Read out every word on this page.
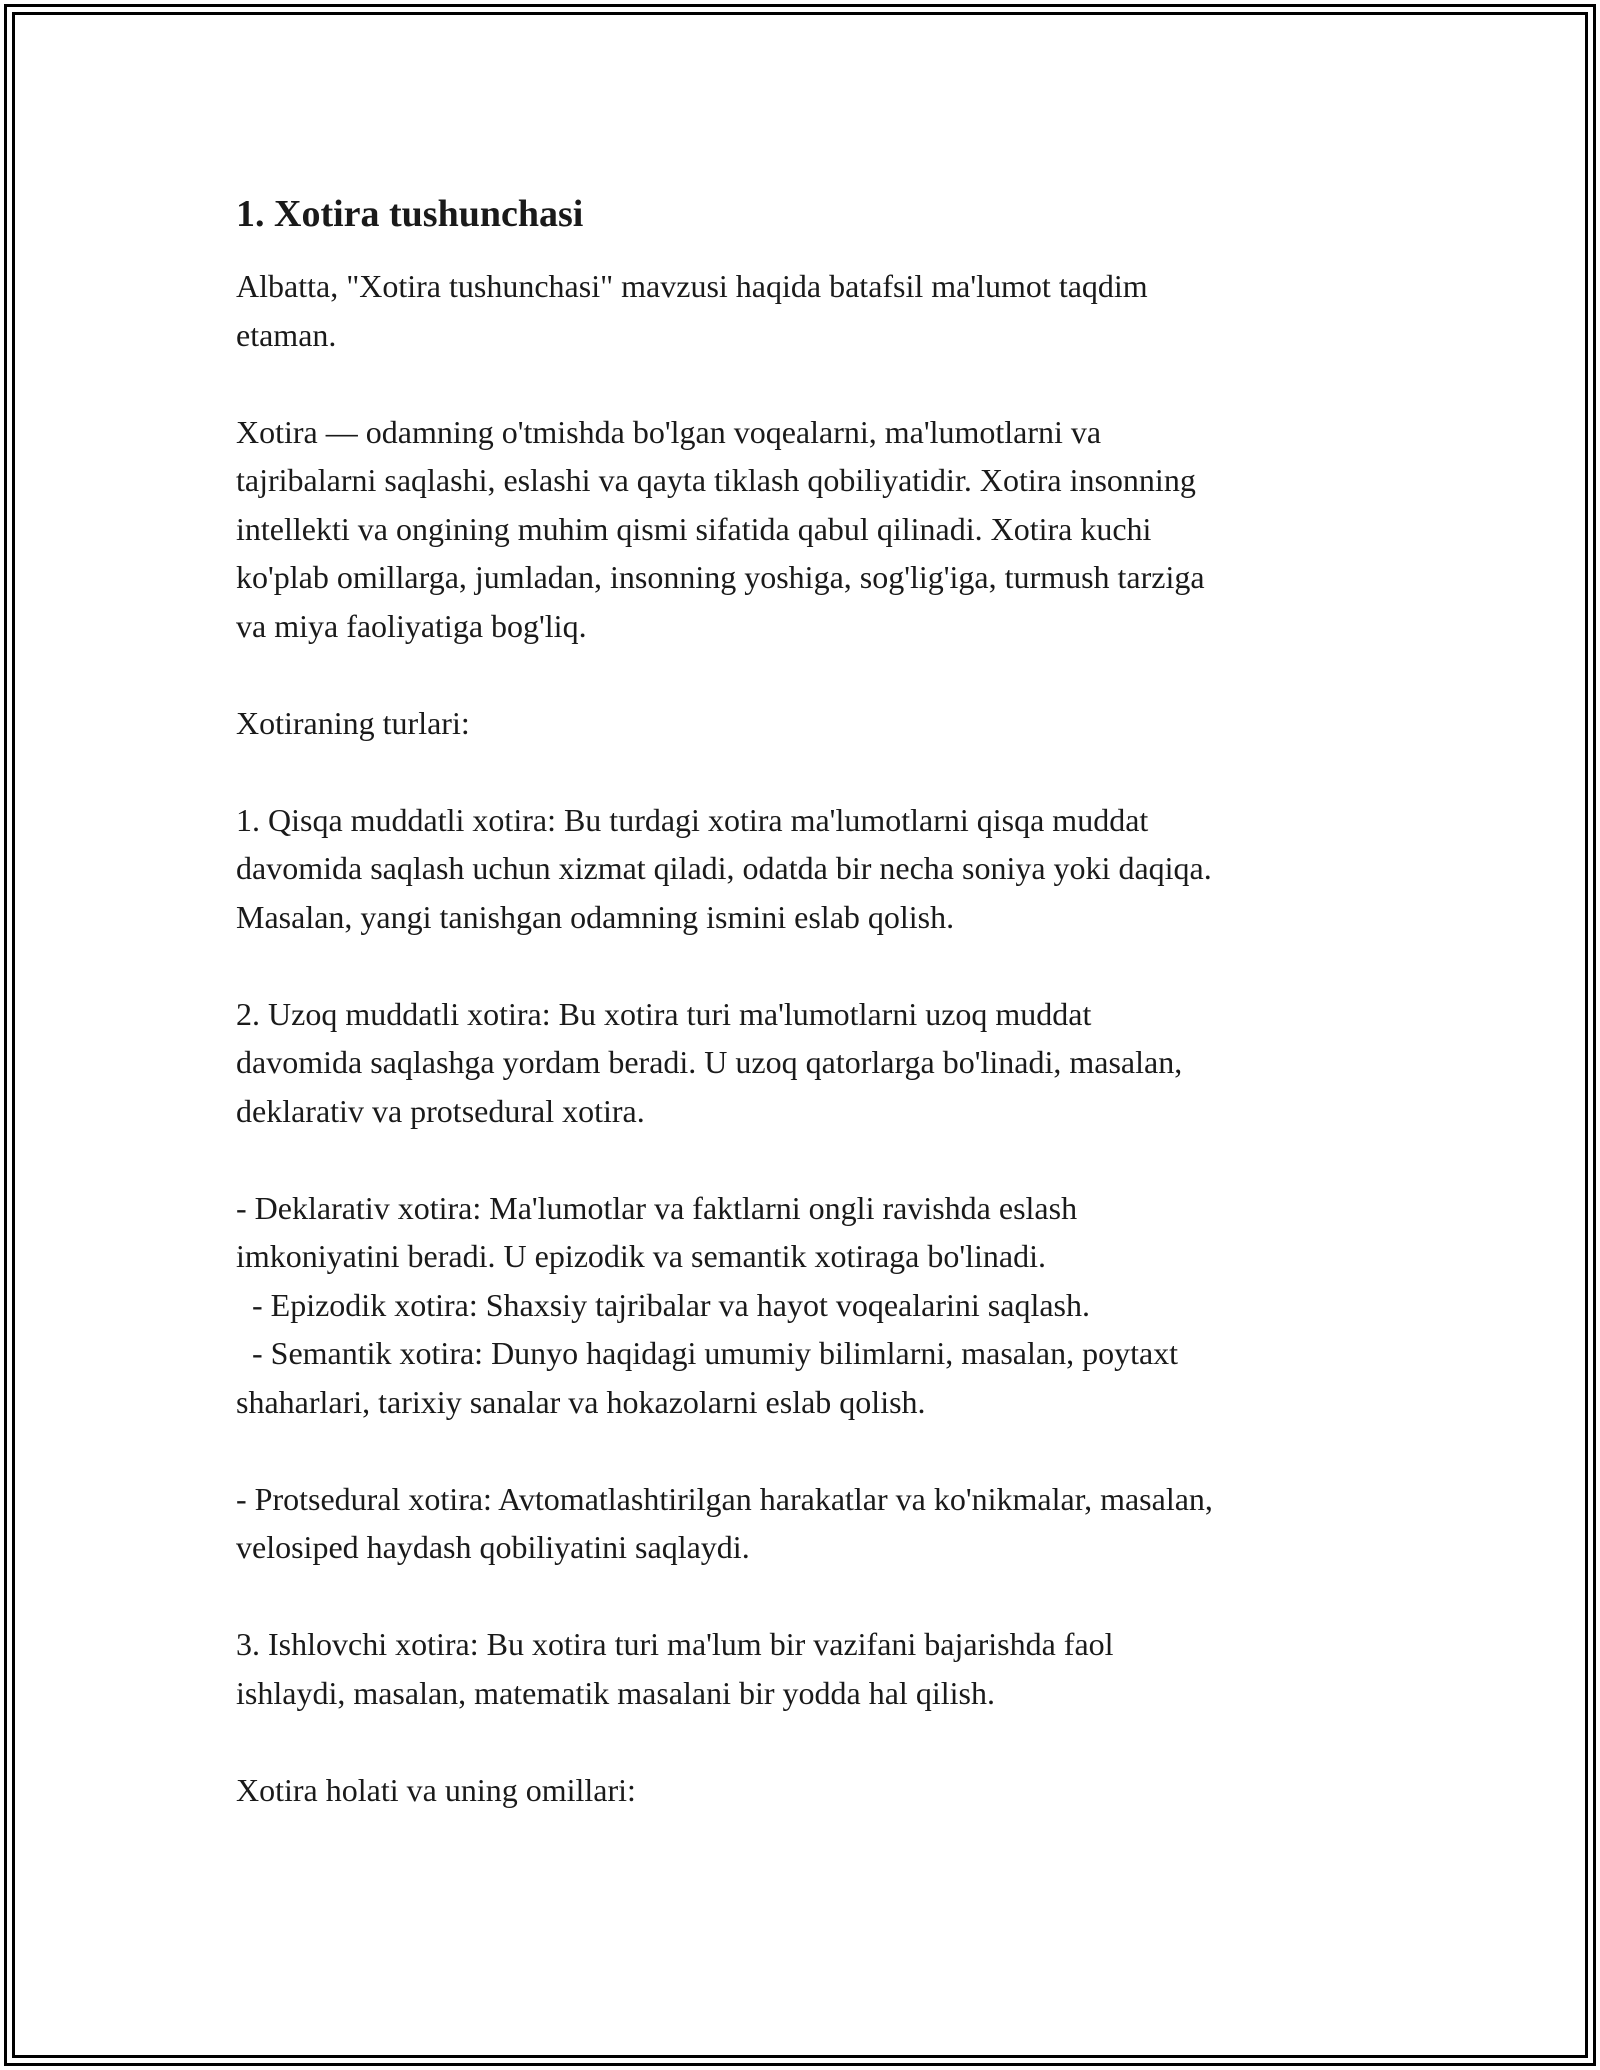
1. Xotira tushunchasi

Albatta, "Xotira tushunchasi" mavzusi haqida batafsil ma'lumot taqdim
etaman.

Xotira — odamning o'tmishda bo'lgan voqealarni, ma'lumotlarni va
tajribalarni saqlashi, eslashi va qayta tiklash qobiliyatidir. Xotira insonning
intellekti va ongining muhim qismi sifatida qabul qilinadi. Xotira kuchi
ko'plab omillarga, jumladan, insonning yoshiga, sog'lig'iga, turmush tarziga
va miya faoliyatiga bog'liq.

Xotiraning turlari:

1. Qisqa muddatli xotira: Bu turdagi xotira ma'lumotlarni qisqa muddat
davomida saqlash uchun xizmat qiladi, odatda bir necha soniya yoki daqiqa.
Masalan, yangi tanishgan odamning ismini eslab qolish.

2. Uzoq muddatli xotira: Bu xotira turi ma'lumotlarni uzoq muddat
davomida saqlashga yordam beradi. U uzoq qatorlarga bo'linadi, masalan,
deklarativ va protsedural xotira.

- Deklarativ xotira: Ma'lumotlar va faktlarni ongli ravishda eslash
imkoniyatini beradi. U epizodik va semantik xotiraga bo'linadi.
- Epizodik xotira: Shaxsiy tajribalar va hayot voqealarini saqlash.
- Semantik xotira: Dunyo haqidagi umumiy bilimlarni, masalan, poytaxt
shaharlari, tarixiy sanalar va hokazolarni eslab qolish.

- Protsedural xotira: Avtomatlashtirilgan harakatlar va ko'nikmalar, masalan,
velosiped haydash qobiliyatini saqlaydi.

3. Ishlovchi xotira: Bu xotira turi ma'lum bir vazifani bajarishda faol
ishlaydi, masalan, matematik masalani bir yodda hal qilish.

Xotira holati va uning omillari:
